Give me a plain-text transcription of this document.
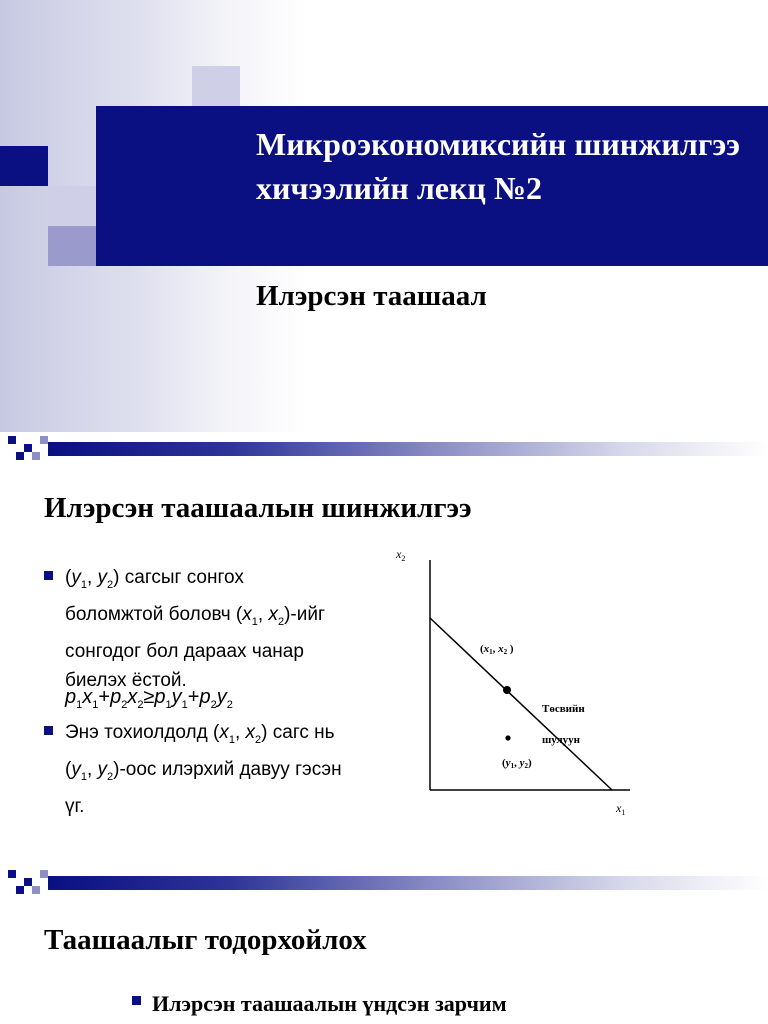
Микроэкономиксийн шинжилгээ хичээлийн лекц №2
Илэрсэн таашаал
Илэрсэн таашаалын шинжилгээ
($y_1$, $y_2$) сагсыг сонгох
боломжтой боловч ($x_1$, $x_2$)-ийг
сонгодог бол дараах чанар
биелэх ёстой.
$p_1x_1+p_2x_2\ge p_1y_1+p_2y_2$
Энэ тохиолдолд ($x_1$, $x_2$) сагс нь
($y_1$, $y_2$)-оос илэрхий давуу гэсэн
үг.
$x_2$
$x_1$
(x1, x2 )
(y1, y2)
Төсвийн
шулуун
Таашаалыг тодорхойлох
Илэрсэн таашаалын үндсэн зарчим
